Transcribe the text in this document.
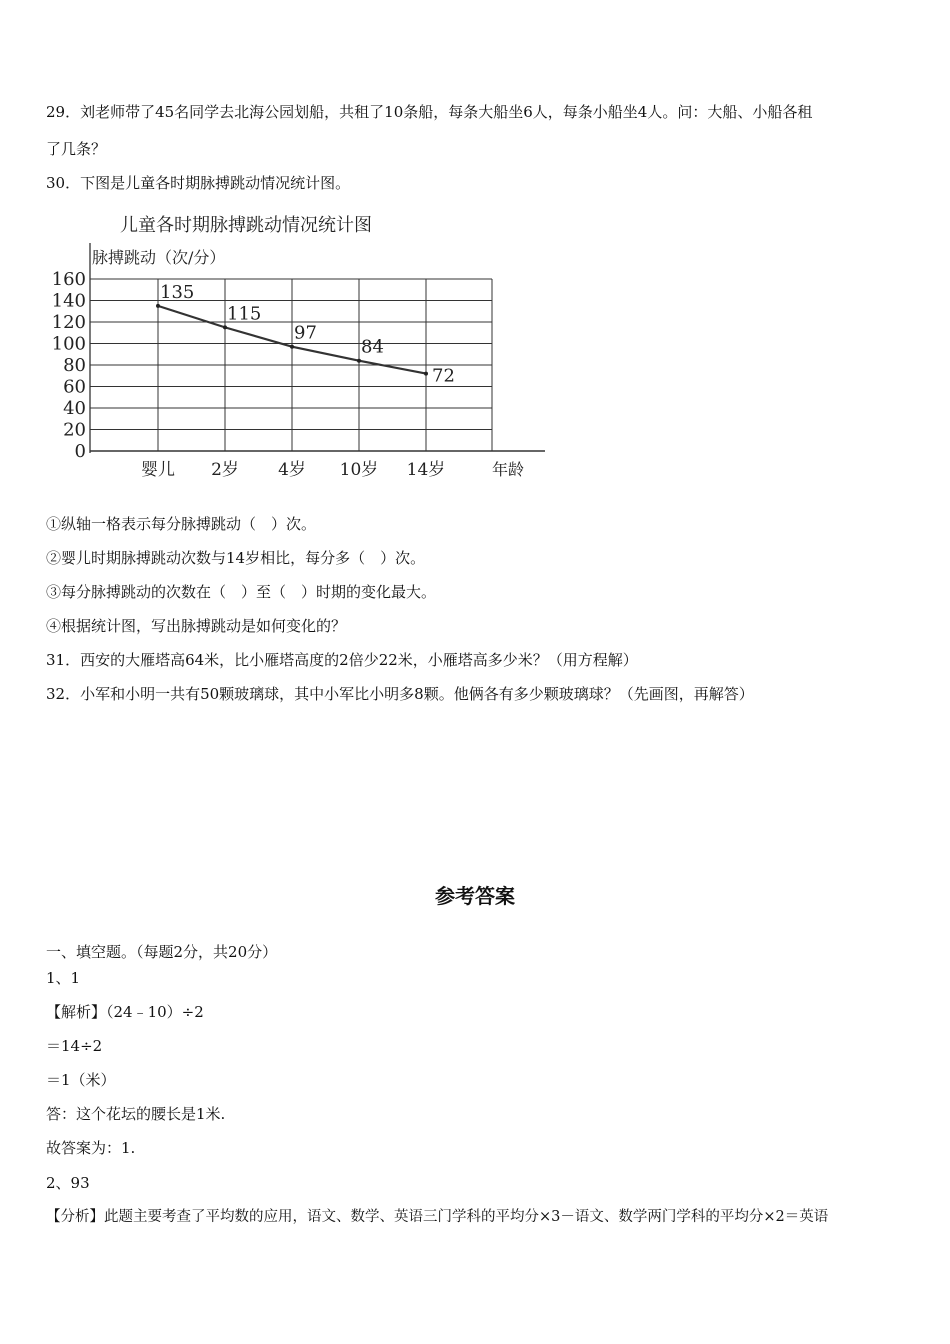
29．刘老师带了45名同学去北海公园划船，共租了10条船，每条大船坐6人，每条小船坐4人。问：大船、小船各租
了几条？
30．下图是儿童各时期脉搏跳动情况统计图。
儿童各时期脉搏跳动情况统计图
脉搏跳动（次/分）
0
20
40
60
80
100
120
140
160
婴儿 2岁 4岁 10岁 14岁
135
115
97
84
72
年龄
①纵轴一格表示每分脉搏跳动（　）次。
②婴儿时期脉搏跳动次数与14岁相比，每分多（　）次。
③每分脉搏跳动的次数在（　）至（　）时期的变化最大。
④根据统计图，写出脉搏跳动是如何变化的？
31．西安的大雁塔高64米，比小雁塔高度的2倍少22米，小雁塔高多少米？（用方程解）
32．小军和小明一共有50颗玻璃球，其中小军比小明多8颗。他俩各有多少颗玻璃球？（先画图，再解答）
参考答案
一、填空题。（每题2分，共20分）
1、1
【解析】（24﹣10）÷2
＝14÷2
＝1（米）
答：这个花坛的腰长是1米.
故答案为：1.
2、93
【分析】此题主要考查了平均数的应用，语文、数学、英语三门学科的平均分×3－语文、数学两门学科的平均分×2＝英语
